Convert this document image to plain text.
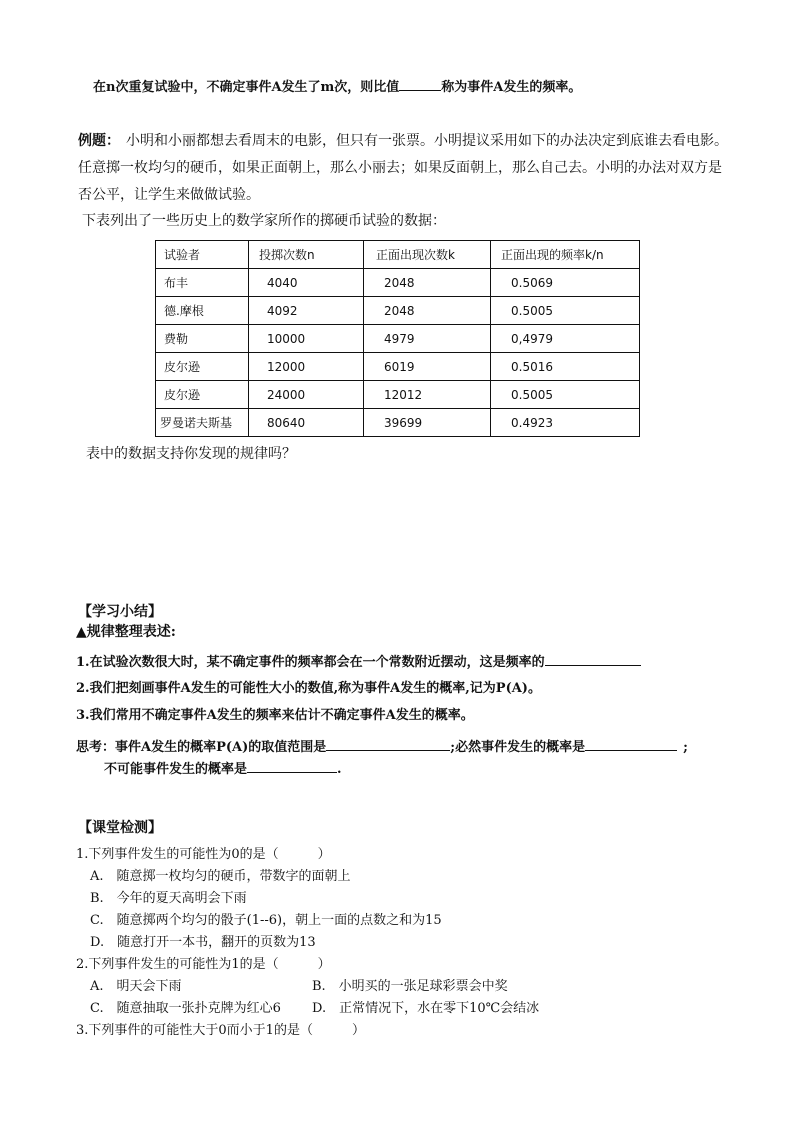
在n次重复试验中，不确定事件A发生了m次，则比值	称为事件A发生的频率。
例题： 小明和小丽都想去看周末的电影，但只有一张票。小明提议采用如下的办法决定到底谁去看电影。
任意掷一枚均匀的硬币，如果正面朝上，那么小丽去；如果反面朝上，那么自己去。小明的办法对双方是
否公平，让学生来做做试验。
下表列出了一些历史上的数学家所作的掷硬币试验的数据：
试验者	投掷次数n	正面出现次数k	正面出现的频率k/n
布丰	4040	2048	0.5069
德.摩根	4092	2048	0.5005
费勒	10000	4979	0,4979
皮尔逊	12000	6019	0.5016
皮尔逊	24000	12012	0.5005
罗曼诺夫斯基	80640	39699	0.4923
表中的数据支持你发现的规律吗？
【学习小结】
▲规律整理表述:
1.在试验次数很大时，某不确定事件的频率都会在一个常数附近摆动，这是频率的
2.我们把刻画事件A发生的可能性大小的数值,称为事件A发生的概率,记为P(A)。
3.我们常用不确定事件A发生的频率来估计不确定事件A发生的概率。
思考：事件A发生的概率P(A)的取值范围是	;必然事件发生的概率是	;
不可能事件发生的概率是	.
【课堂检测】
1.下列事件发生的可能性为0的是（　　　）
A.　随意掷一枚均匀的硬币，带数字的面朝上
B.　今年的夏天高明会下雨
C.　随意掷两个均匀的骰子(1--6)，朝上一面的点数之和为15
D.　随意打开一本书，翻开的页数为13
2.下列事件发生的可能性为1的是（　　　）
A.　明天会下雨	B.　小明买的一张足球彩票会中奖
C.　随意抽取一张扑克牌为红心6 D.　正常情况下，水在零下10℃会结冰
3.下列事件的可能性大于0而小于1的是（　　　）
